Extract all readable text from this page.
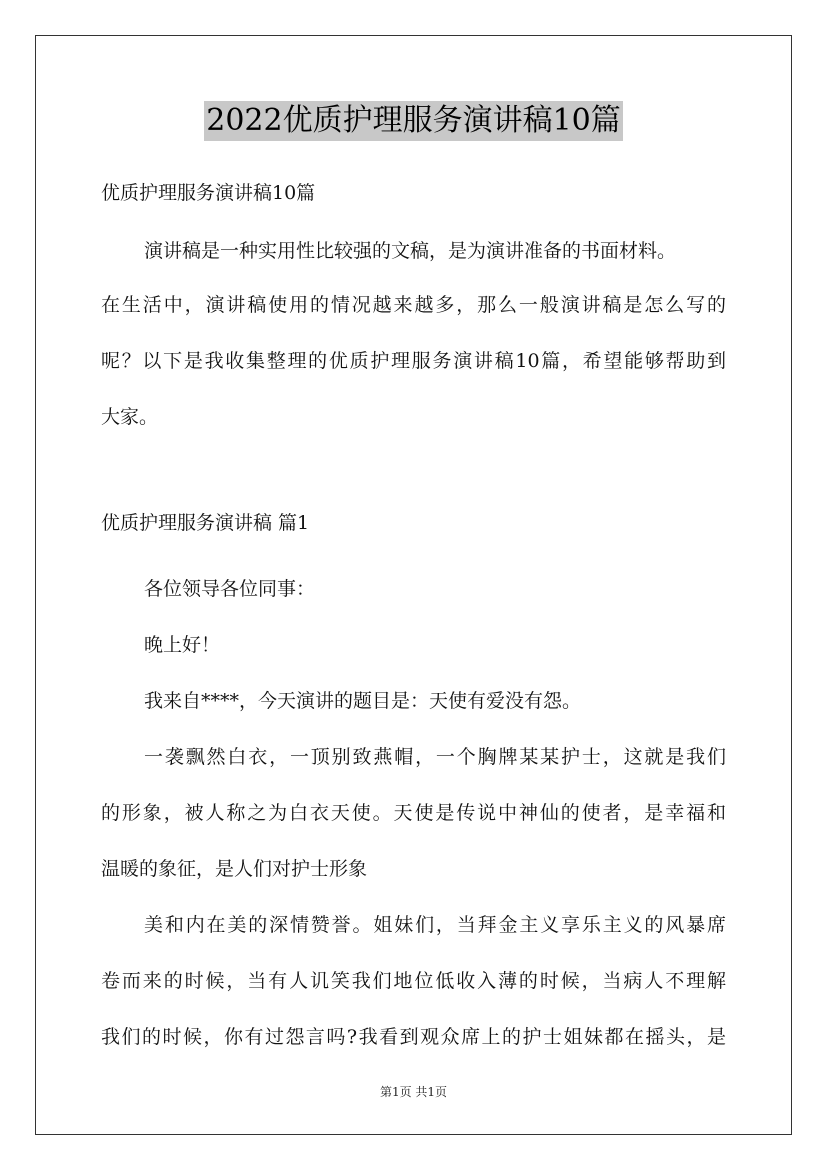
2022优质护理服务演讲稿10篇

优质护理服务演讲稿10篇

演讲稿是一种实用性比较强的文稿，是为演讲准备的书面材料。

在生活中，演讲稿使用的情况越来越多，那么一般演讲稿是怎么写的

呢？以下是我收集整理的优质护理服务演讲稿10篇，希望能够帮助到

大家。

优质护理服务演讲稿 篇1

各位领导各位同事：

晚上好！

我来自****，今天演讲的题目是：天使有爱没有怨。

一袭飘然白衣，一顶别致燕帽，一个胸牌某某护士，这就是我们

的形象，被人称之为白衣天使。天使是传说中神仙的使者，是幸福和

温暖的象征，是人们对护士形象

美和内在美的深情赞誉。姐妹们，当拜金主义享乐主义的风暴席

卷而来的时候，当有人讥笑我们地位低收入薄的时候，当病人不理解

我们的时候，你有过怨言吗?我看到观众席上的护士姐妹都在摇头，是

第1页 共1页
